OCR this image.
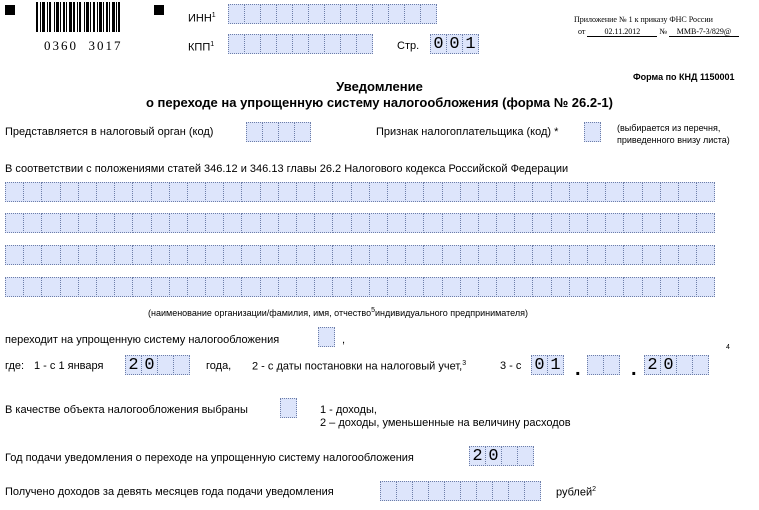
0360  3017
ИНН$^1$
КПП$^1$	Стр. 0 0 1
Приложение № 1 к приказу ФНС России
от 02.11.2012 № ММВ-7-3/829@
Форма по КНД 1150001
Уведомление
о переходе на упрощенную систему налогообложения (форма № 26.2-1)
Представляется в налоговый орган (код)	Признак налогоплательщика (код) *	(выбирается из перечня,
приведенного внизу листа)
В соответствии с положениями статей 346.12 и 346.13 главы 26.2 Налогового кодекса Российской Федерации
(наименование организации/фамилия, имя, отчество$^5$индивидуального предпринимателя)
переходит на упрощенную систему налогообложения	,
где: 1 - с 1 января 2 0	года, 2 - с даты постановки на налоговый учет,$^3$	3 - с 0 1 .	. 2 0
4
В качестве объекта налогообложения выбраны	1 - доходы,
2 – доходы, уменьшенные на величину расходов
Год подачи уведомления о переходе на упрощенную систему налогообложения	2 0
Получено доходов за девять месяцев года подачи уведомления	рублей$^2$
